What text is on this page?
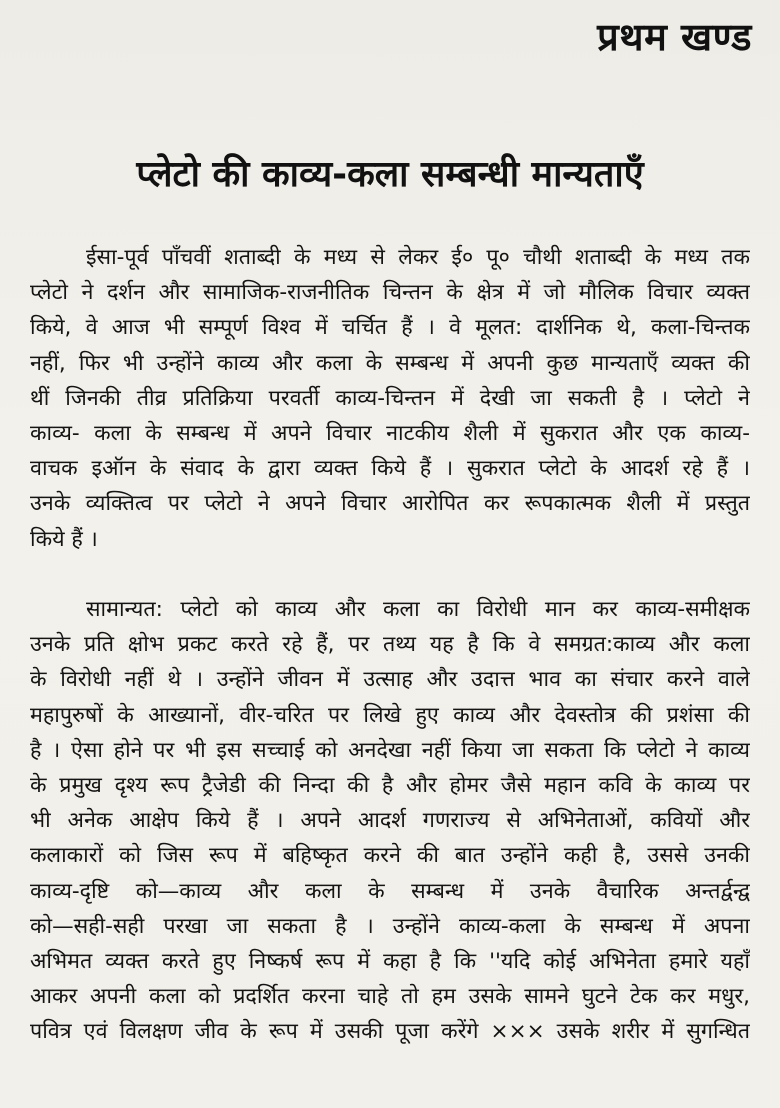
प्रथम खण्ड
प्लेटो की काव्य-कला सम्बन्धी मान्यताएँ
ईसा-पूर्व पाँचवीं शताब्दी के मध्य से लेकर ई० पू० चौथी शताब्दी के मध्य तक
प्लेटो ने दर्शन और सामाजिक-राजनीतिक चिन्तन के क्षेत्र में जो मौलिक विचार व्यक्त
किये, वे आज भी सम्पूर्ण विश्व में चर्चित हैं । वे मूलत: दार्शनिक थे, कला-चिन्तक
नहीं, फिर भी उन्होंने काव्य और कला के सम्बन्ध में अपनी कुछ मान्यताएँ व्यक्त की
थीं जिनकी तीव्र प्रतिक्रिया परवर्ती काव्य-चिन्तन में देखी जा सकती है । प्लेटो ने
काव्य- कला के सम्बन्ध में अपने विचार नाटकीय शैली में सुकरात और एक काव्य-
वाचक इऑन के संवाद के द्वारा व्यक्त किये हैं । सुकरात प्लेटो के आदर्श रहे हैं ।
उनके व्यक्तित्व पर प्लेटो ने अपने विचार आरोपित कर रूपकात्मक शैली में प्रस्तुत
किये हैं ।
सामान्यत: प्लेटो को काव्य और कला का विरोधी मान कर काव्य-समीक्षक
उनके प्रति क्षोभ प्रकट करते रहे हैं, पर तथ्य यह है कि वे समग्रत:काव्य और कला
के विरोधी नहीं थे । उन्होंने जीवन में उत्साह और उदात्त भाव का संचार करने वाले
महापुरुषों के आख्यानों, वीर-चरित पर लिखे हुए काव्य और देवस्तोत्र की प्रशंसा की
है । ऐसा होने पर भी इस सच्चाई को अनदेखा नहीं किया जा सकता कि प्लेटो ने काव्य
के प्रमुख दृश्य रूप ट्रैजेडी की निन्दा की है और होमर जैसे महान कवि के काव्य पर
भी अनेक आक्षेप किये हैं । अपने आदर्श गणराज्य से अभिनेताओं, कवियों और
कलाकारों को जिस रूप में बहिष्कृत करने की बात उन्होंने कही है, उससे उनकी
काव्य-दृष्टि को—काव्य और कला के सम्बन्ध में उनके वैचारिक अन्तर्द्वन्द्व
को—सही-सही परखा जा सकता है । उन्होंने काव्य-कला के सम्बन्ध में अपना
अभिमत व्यक्त करते हुए निष्कर्ष रूप में कहा है कि ''यदि कोई अभिनेता हमारे यहाँ
आकर अपनी कला को प्रदर्शित करना चाहे तो हम उसके सामने घुटने टेक कर मधुर,
पवित्र एवं विलक्षण जीव के रूप में उसकी पूजा करेंगे ××× उसके शरीर में सुगन्धित
